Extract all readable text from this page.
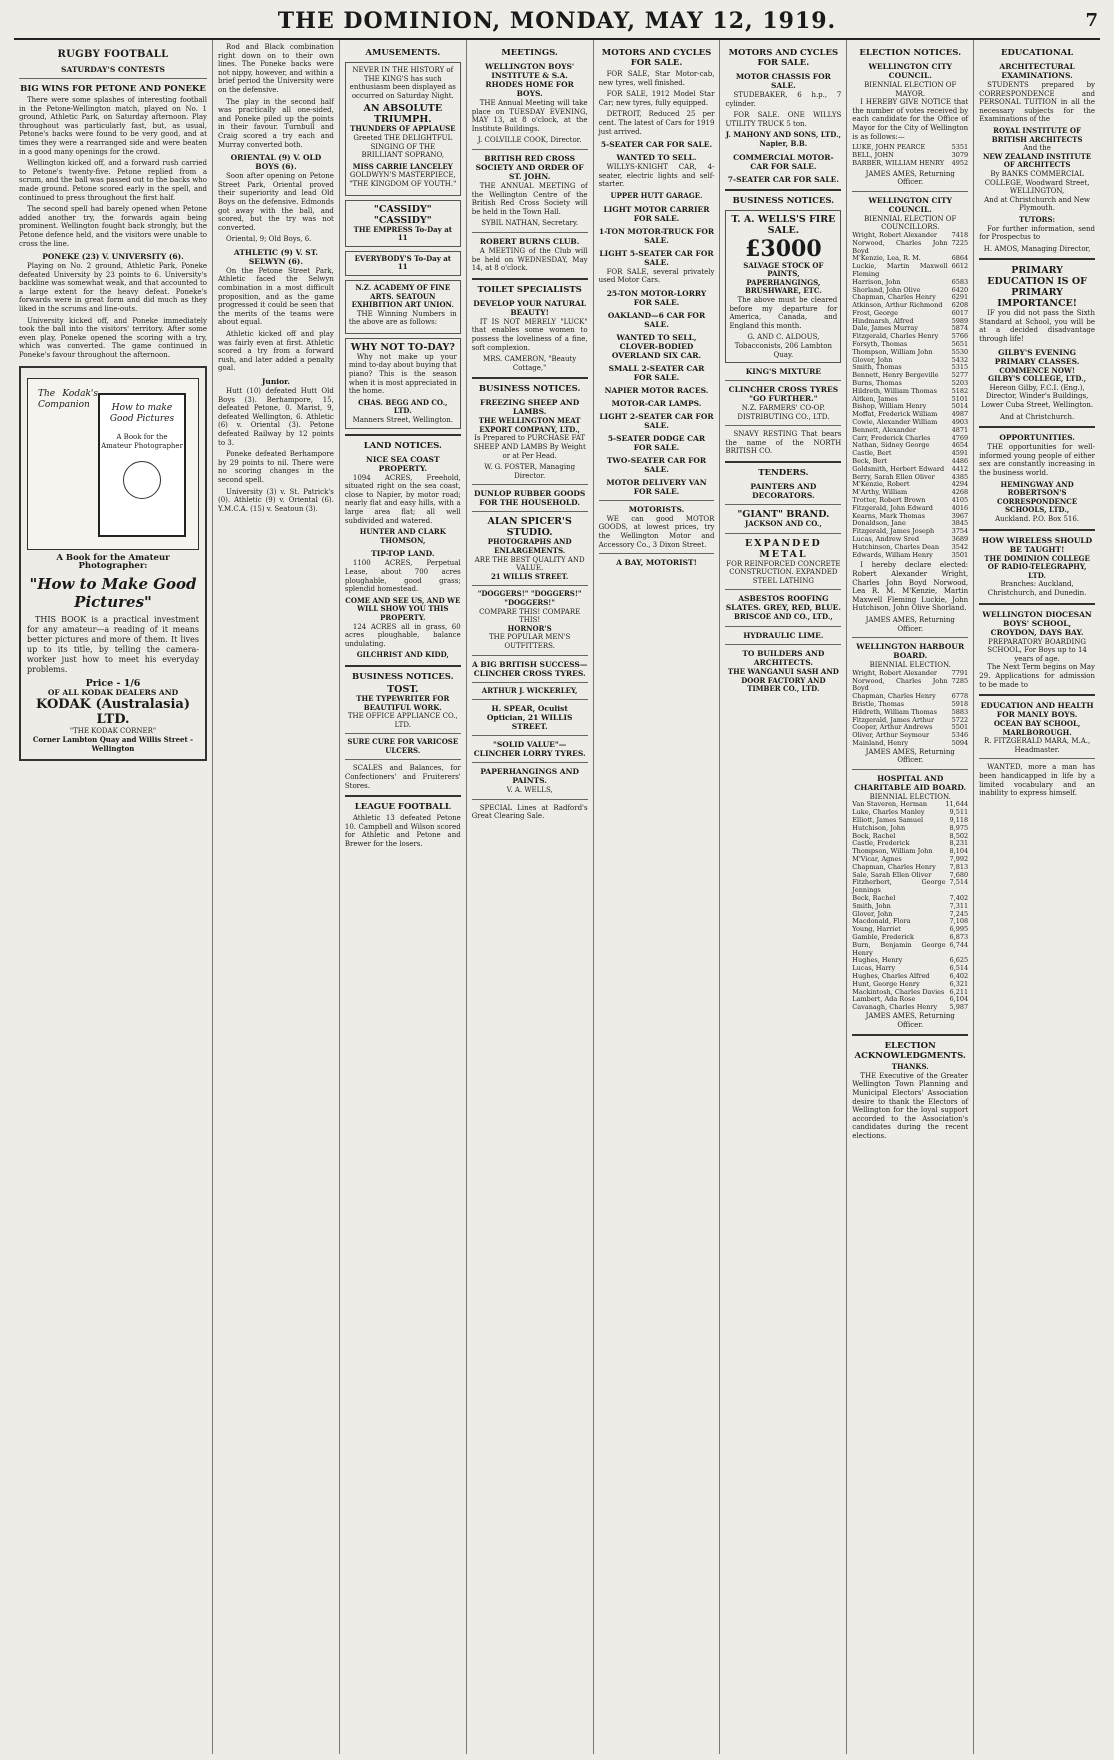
THE DOMINION, MONDAY, MAY 12, 1919.	7
RUGBY FOOTBALL
SATURDAY'S CONTESTS
BIG WINS FOR PETONE AND PONEKE

There were some splashes of interesting football in the Petone-Wellington match, played on No. 1 ground, Athletic Park, on Saturday afternoon. Play throughout was particularly fast, but, as usual, Petone's backs were found to be very good, and at times they were a rearranged side and were beaten in a good many openings for the crowd.

Wellington kicked off, and a forward rush carried to Petone's twenty-five. Petone replied from a scrum, and the ball was passed out to the backs who made ground. Petone scored early in the spell, and continued to press throughout the first half.

The second spell had barely opened when Petone added another try, the forwards again being prominent. Wellington fought back strongly, but the Petone defence held, and the visitors were unable to cross the line.

PONEKE (23) V. UNIVERSITY (6).

Playing on No. 2 ground, Athletic Park, Poneke defeated University by 23 points to 6. University's backline was somewhat weak, and that accounted to a large extent for the heavy defeat. Poneke's forwards were in great form and did much as they liked in the scrums and line-outs.

University kicked off, and Poneke immediately took the ball into the visitors' territory. After some even play, Poneke opened the scoring with a try, which was converted. The game continued in Poneke's favour throughout the afternoon.

The Kodak's Companion	How to make Good Pictures
A Book for the Amateur Photographer
A Book for the Amateur Photographer:
"How to Make Good Pictures"

THIS BOOK is a practical investment for any amateur—a reading of it means better pictures and more of them. It lives up to its title, by telling the camera-worker just how to meet his everyday problems.

Price - 1/6
OF ALL KODAK DEALERS AND
KODAK (Australasia) LTD.
"THE KODAK CORNER"
Corner Lambton Quay and Willis Street - Wellington

Rod and Black combination right down on to their own lines. The Poneke backs were not nippy, however, and within a brief period the University were on the defensive.

The play in the second half was practically all one-sided, and Poneke piled up the points in their favour. Turnbull and Craig scored a try each and Murray converted both.

ORIENTAL (9) V. OLD BOYS (6).

Soon after opening on Petone Street Park, Oriental proved their superiority and lead Old Boys on the defensive. Edmonds got away with the ball, and scored, but the try was not converted.

Oriental, 9; Old Boys, 6.

ATHLETIC (9) V. ST. SELWYN (6).

On the Petone Street Park, Athletic faced the Selwyn combination in a most difficult proposition, and as the game progressed it could be seen that the merits of the teams were about equal.

Athletic kicked off and play was fairly even at first. Athletic scored a try from a forward rush, and later added a penalty goal.

Junior.

Hutt (10) defeated Hutt Old Boys (3). Berhampore, 15, defeated Petone, 0. Marist, 9, defeated Wellington, 6. Athletic (6) v. Oriental (3). Petone defeated Railway by 12 points to 3.

Poneke defeated Berhampore by 29 points to nil. There were no scoring changes in the second spell.

University (3) v. St. Patrick's (0). Athletic (9) v. Oriental (6). Y.M.C.A. (15) v. Seatoun (3).

AMUSEMENTS.

NEVER IN THE HISTORY of THE KING'S has such enthusiasm been displayed as occurred on Saturday Night.

AN ABSOLUTE TRIUMPH.
THUNDERS OF APPLAUSE

Greeted THE DELIGHTFUL SINGING OF THE BRILLIANT SOPRANO,

MISS CARRIE LANCELEY

GOLDWYN'S MASTERPIECE, "THE KINGDOM OF YOUTH."

"CASSIDY" "CASSIDY"
THE EMPRESS To-Day at 11
EVERYBODY'S To-Day at 11
N.Z. ACADEMY OF FINE ARTS. SEATOUN EXHIBITION ART UNION.

THE Winning Numbers in the above are as follows:

WHY NOT TO-DAY?

Why not make up your mind to-day about buying that piano? This is the season when it is most appreciated in the home.

CHAS. BEGG AND CO., LTD.
Manners Street, Wellington.
LAND NOTICES.
NICE SEA COAST PROPERTY.

1094 ACRES, Freehold, situated right on the sea coast, close to Napier, by motor road; nearly flat and easy hills, with a large area flat; all well subdivided and watered.

HUNTER AND CLARK THOMSON,
TIP-TOP LAND.

1100 ACRES, Perpetual Lease, about 700 acres ploughable, good grass; splendid homestead.

COME AND SEE US, AND WE WILL SHOW YOU THIS PROPERTY.

124 ACRES all in grass, 60 acres ploughable, balance undulating.

GILCHRIST AND KIDD,
BUSINESS NOTICES.
TOST.
THE TYPEWRITER FOR BEAUTIFUL WORK.
THE OFFICE APPLIANCE CO., LTD.
SURE CURE FOR VARICOSE ULCERS.

SCALES and Balances, for Confectioners' and Fruiterers' Stores.

LEAGUE FOOTBALL

Athletic 13 defeated Petone 10. Campbell and Wilson scored for Athletic and Petone and Brewer for the losers.

MEETINGS.
WELLINGTON BOYS' INSTITUTE & S.A. RHODES HOME FOR BOYS.

THE Annual Meeting will take place on TUESDAY EVENING, MAY 13, at 8 o'clock, at the Institute Buildings.

J. COLVILLE COOK, Director.
BRITISH RED CROSS SOCIETY AND ORDER OF ST. JOHN.

THE ANNUAL MEETING of the Wellington Centre of the British Red Cross Society will be held in the Town Hall.

SYBIL NATHAN, Secretary.
ROBERT BURNS CLUB.

A MEETING of the Club will be held on WEDNESDAY, May 14, at 8 o'clock.

TOILET SPECIALISTS
DEVELOP YOUR NATURAL BEAUTY!

IT IS NOT MERELY "LUCK" that enables some women to possess the loveliness of a fine, soft complexion.

MRS. CAMERON, "Beauty Cottage,"
BUSINESS NOTICES.
FREEZING SHEEP AND LAMBS.
THE WELLINGTON MEAT EXPORT COMPANY, LTD.,

Is Prepared to PURCHASE FAT SHEEP AND LAMBS By Weight or at Per Head.

W. G. FOSTER, Managing Director.
DUNLOP RUBBER GOODS FOR THE HOUSEHOLD.
ALAN SPICER'S STUDIO.
PHOTOGRAPHS AND ENLARGEMENTS.
ARE THE BEST QUALITY AND VALUE.
21 WILLIS STREET.
"DOGGERS!" "DOGGERS!" "DOGGERS!"
COMPARE THIS! COMPARE THIS!
HORNOR'S
THE POPULAR MEN'S OUTFITTERS.
A BIG BRITISH SUCCESS— CLINCHER CROSS TYRES.
ARTHUR J. WICKERLEY,
H. SPEAR, Oculist Optician, 21 WILLIS STREET.
"SOLID VALUE"— CLINCHER LORRY TYRES.
PAPERHANGINGS AND PAINTS.
V. A. WELLS,

SPECIAL Lines at Radford's Great Clearing Sale.

MOTORS AND CYCLES FOR SALE.

FOR SALE, Star Motor-cab, new tyres, well finished.

FOR SALE, 1912 Model Star Car; new tyres, fully equipped.

DETROIT, Reduced 25 per cent. The latest of Cars for 1919 just arrived.

5-SEATER CAR FOR SALE.
WANTED TO SELL.

WILLYS-KNIGHT CAR, 4-seater, electric lights and self-starter.

UPPER HUTT GARAGE.
LIGHT MOTOR CARRIER FOR SALE.
1-TON MOTOR-TRUCK FOR SALE.
LIGHT 5-SEATER CAR FOR SALE.

FOR SALE, several privately used Motor Cars.

25-TON MOTOR-LORRY FOR SALE.
OAKLAND—6 CAR FOR SALE.
WANTED TO SELL, CLOVER-BODIED OVERLAND SIX CAR.
SMALL 2-SEATER CAR FOR SALE.
NAPIER MOTOR RACES.
MOTOR-CAR LAMPS.
LIGHT 2-SEATER CAR FOR SALE.
5-SEATER DODGE CAR FOR SALE.
TWO-SEATER CAR FOR SALE.
MOTOR DELIVERY VAN FOR SALE.
MOTORISTS.

WE can good MOTOR GOODS, at lowest prices, try the Wellington Motor and Accessory Co., 3 Dixon Street.

A BAY, MOTORIST!
MOTORS AND CYCLES FOR SALE.
MOTOR CHASSIS FOR SALE.

STUDEBAKER, 6 h.p., 7 cylinder.

FOR SALE. ONE WILLYS UTILITY TRUCK 5 ton.

J. MAHONY AND SONS, LTD., Napier, B.B.
COMMERCIAL MOTOR-CAR FOR SALE.
7-SEATER CAR FOR SALE.
BUSINESS NOTICES.
T. A. WELLS'S FIRE SALE.
£3000
SALVAGE STOCK OF PAINTS, PAPERHANGINGS, BRUSHWARE, ETC.

The above must be cleared before my departure for America, Canada, and England this month.

G. AND C. ALDOUS, Tobacconists, 206 Lambton Quay.
KING'S MIXTURE
CLINCHER CROSS TYRES "GO FURTHER."
N.Z. FARMERS' CO-OP. DISTRIBUTING CO., LTD.

SNAVY RESTING That bears the name of the NORTH BRITISH CO.

TENDERS.
PAINTERS AND DECORATORS.
"GIANT" BRAND.
JACKSON AND CO.,
EXPANDED METAL
FOR REINFORCED CONCRETE CONSTRUCTION. EXPANDED STEEL LATHING
ASBESTOS ROOFING SLATES. GREY, RED, BLUE.
BRISCOE AND CO., LTD.,
HYDRAULIC LIME.
TO BUILDERS AND ARCHITECTS.
THE WANGANUI SASH AND DOOR FACTORY AND TIMBER CO., LTD.
ELECTION NOTICES.
WELLINGTON CITY COUNCIL.
BIENNIAL ELECTION OF MAYOR.

I HEREBY GIVE NOTICE that the number of votes received by each candidate for the Office of Mayor for the City of Wellington is as follows:—

LUKE, JOHN PEARCE	5351
BELL, JOHN	3079
BARBER, WILLIAM HENRY	4952
JAMES AMES, Returning Officer.
WELLINGTON CITY COUNCIL.
BIENNIAL ELECTION OF COUNCILLORS.
Wright, Robert Alexander	7418
Norwood, Charles John Boyd
7225
M'Kenzie, Lea, R. M.	6864
Luckie, Martin Maxwell Fleming
6612
Harrison, John	6583
Shorland, John Olive	6420
Chapman, Charles Henry	6291
Atkinson, Arthur Richmond	6208
Frost, George	6017
Hindmarsh, Alfred	5989
Dale, James Murray	5874
Fitzgerald, Charles Henry	5766
Forsyth, Thomas	5651
Thompson, William John	5530
Glover, John	5432
Smith, Thomas	5315
Bennett, Henry Bergeville	5277
Burns, Thomas	5203
Hildreth, William Thomas	5182
Aitken, James	5101
Bishop, William Henry	5014
Moffat, Frederick William	4987
Cowie, Alexander William	4903
Bennett, Alexander	4871
Carr, Frederick Charles	4769
Nathan, Sidney George	4654
Castle, Bert	4591
Beck, Bert	4486
Goldsmith, Herbert Edward	4412
Berry, Sarah Ellen Oliver	4385
M'Kenzie, Robert	4294
M'Arthy, William	4268
Trotter, Robert Brown	4105
Fitzgerald, John Edward	4016
Kearns, Mark Thomas	3967
Donaldson, Jane	3845
Fitzgerald, James Joseph	3754
Lucas, Andrew Sred	3689
Hutchinson, Charles Dean	3542
Edwards, William Henry	3501

I hereby declare elected: Robert Alexander Wright, Charles John Boyd Norwood, Lea R. M. M'Kenzie, Martin Maxwell Fleming Luckie, John Hutchison, John Olive Shorland.

JAMES AMES, Returning Officer.
WELLINGTON HARBOUR BOARD.
BIENNIAL ELECTION.
Wright, Robert Alexander	7791
Norwood, Charles John Boyd
7285
Chapman, Charles Henry	6778
Bristle, Thomas	5918
Hildreth, William Thomas	5883
Fitzgerald, James Arthur	5722
Cooper, Arthur Andrews	5501
Oliver, Arthur Seymour	5346
Mainland, Henry	5094
JAMES AMES, Returning Officer.
HOSPITAL AND CHARITABLE AID BOARD.
BIENNIAL ELECTION.
Van Staveren, Herman	11,644
Luke, Charles Manley	9,511
Elliott, James Samuel	9,118
Hutchison, John	8,975
Bock, Rachel	8,502
Castle, Frederick	8,231
Thompson, William John	8,104
M'Vicar, Agnes	7,992
Chapman, Charles Henry	7,813
Sale, Sarah Ellen Oliver	7,680
Fitzherbert, George Jennings
7,514
Beck, Rachel	7,402
Smith, John	7,311
Glover, John	7,245
Macdonald, Flora	7,108
Young, Harriet	6,995
Gamble, Frederick	6,873
Burn, Benjamin George Henry
6,744
Hughes, Henry	6,625
Lucas, Harry	6,514
Hughes, Charles Alfred	6,402
Hunt, George Henry	6,321
Mackintosh, Charles Davies 6,211
Lambert, Ada Rose	6,104
Cavanagh, Charles Henry	5,987
JAMES AMES, Returning Officer.
ELECTION ACKNOWLEDGMENTS.
THANKS.

THE Executive of the Greater Wellington Town Planning and Municipal Electors' Association desire to thank the Electors of Wellington for the loyal support accorded to the Association's candidates during the recent elections.

EDUCATIONAL
ARCHITECTURAL EXAMINATIONS.

STUDENTS prepared by CORRESPONDENCE and PERSONAL TUITION in all the necessary subjects for the Examinations of the

ROYAL INSTITUTE OF BRITISH ARCHITECTS
And the
NEW ZEALAND INSTITUTE OF ARCHITECTS
By BANKS COMMERCIAL COLLEGE, Woodward Street, WELLINGTON,
And at Christchurch and New Plymouth.
TUTORS:

For further information, send for Prospectus to

H. AMOS, Managing Director,
PRIMARY EDUCATION IS OF PRIMARY IMPORTANCE!

IF you did not pass the Sixth Standard at School, you will be at a decided disadvantage through life!

GILBY'S EVENING PRIMARY CLASSES.
COMMENCE NOW!
GILBY'S COLLEGE, LTD.,

Hereon Gilby, F.C.I. (Eng.), Director, Winder's Buildings, Lower Cuba Street, Wellington.

And at Christchurch.
OPPORTUNITIES.

THE opportunities for well-informed young people of either sex are constantly increasing in the business world.

HEMINGWAY AND ROBERTSON'S CORRESPONDENCE SCHOOLS, LTD.,
Auckland. P.O. Box 516.
HOW WIRELESS SHOULD BE TAUGHT!
THE DOMINION COLLEGE OF RADIO-TELEGRAPHY, LTD.
Branches: Auckland, Christchurch, and Dunedin.
WELLINGTON DIOCESAN BOYS' SCHOOL, CROYDON, DAYS BAY.
PREPARATORY BOARDING SCHOOL, For Boys up to 14 years of age.

The Next Term begins on May 29. Applications for admission to be made to

EDUCATION AND HEALTH FOR MANLY BOYS.
OCEAN BAY SCHOOL, MARLBOROUGH.
R. FITZGERALD MARA, M.A., Headmaster.

WANTED, more a man has been handicapped in life by a limited vocabulary and an inability to express himself.
